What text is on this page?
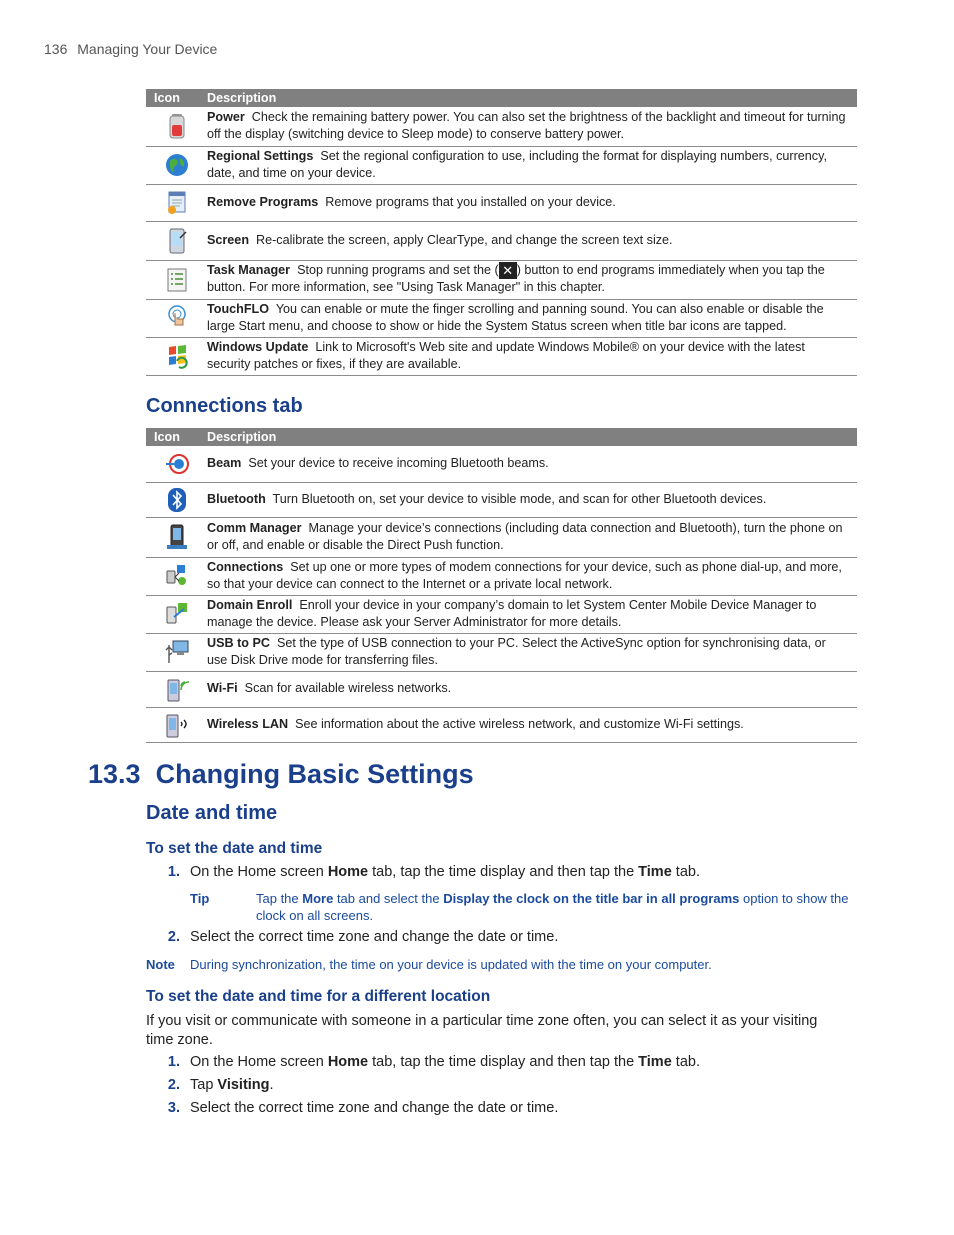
136 Managing Your Device
Icon	Description
	Power Check the remaining battery power. You can also set the brightness of the backlight and timeout for turning off the display (switching device to Sleep mode) to conserve battery power.
	Regional Settings Set the regional configuration to use, including the format for displaying numbers, currency, date, and time on your device.
	Remove Programs Remove programs that you installed on your device.
	Screen Re-calibrate the screen, apply ClearType, and change the screen text size.
	Task Manager Stop running programs and set the ( ✕ ) button to end programs immediately when you tap the button. For more information, see "Using Task Manager" in this chapter.
	TouchFLO You can enable or mute the finger scrolling and panning sound. You can also enable or disable the large Start menu, and choose to show or hide the System Status screen when title bar icons are tapped.
	Windows Update Link to Microsoft's Web site and update Windows Mobile® on your device with the latest security patches or fixes, if they are available.
Connections tab
Icon	Description
	Beam Set your device to receive incoming Bluetooth beams.
	Bluetooth Turn Bluetooth on, set your device to visible mode, and scan for other Bluetooth devices.
	Comm Manager Manage your device’s connections (including data connection and Bluetooth), turn the phone on or off, and enable or disable the Direct Push function.
	Connections Set up one or more types of modem connections for your device, such as phone dial-up, and more, so that your device can connect to the Internet or a private local network.
	Domain Enroll Enroll your device in your company’s domain to let System Center Mobile Device Manager to manage the device. Please ask your Server Administrator for more details.
	USB to PC Set the type of USB connection to your PC. Select the ActiveSync option for synchronising data, or use Disk Drive mode for transferring files.
	Wi-Fi Scan for available wireless networks.
	Wireless LAN See information about the active wireless network, and customize Wi-Fi settings.
13.3 Changing Basic Settings
Date and time
To set the date and time
1. On the Home screen Home tab, tap the time display and then tap the Time tab.
Tip	Tap the More tab and select the Display the clock on the title bar in all programs option to show the clock on all screens.
2. Select the correct time zone and change the date or time.
Note During synchronization, the time on your device is updated with the time on your computer.
To set the date and time for a different location
If you visit or communicate with someone in a particular time zone often, you can select it as your visiting time zone.
1. On the Home screen Home tab, tap the time display and then tap the Time tab.
2. Tap Visiting.
3. Select the correct time zone and change the date or time.
